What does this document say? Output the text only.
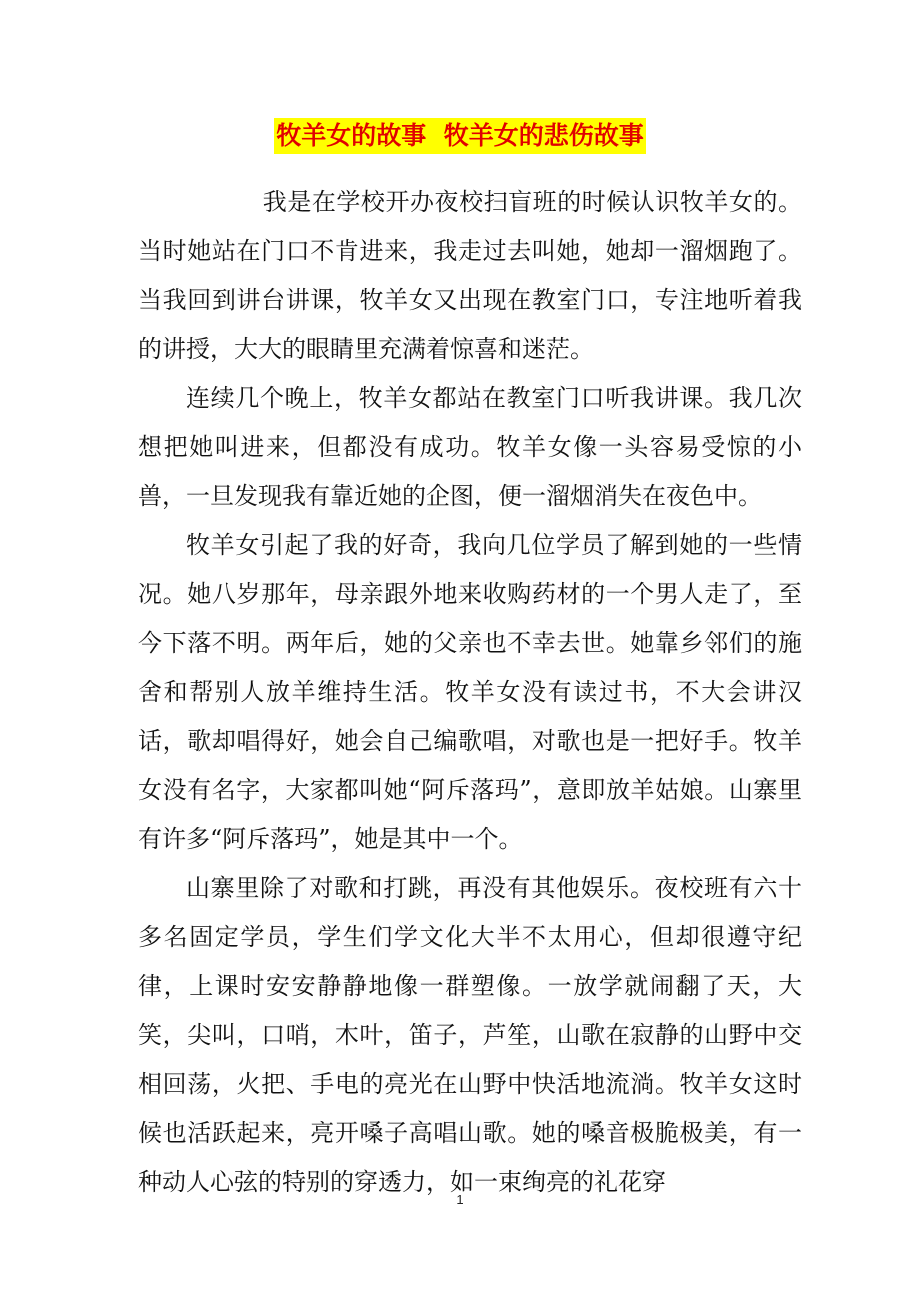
牧羊女的故事  牧羊女的悲伤故事

我是在学校开办夜校扫盲班的时候认识牧羊女的。当时她站在门口不肯进来，我走过去叫她，她却一溜烟跑了。当我回到讲台讲课，牧羊女又出现在教室门口，专注地听着我的讲授，大大的眼睛里充满着惊喜和迷茫。

连续几个晚上，牧羊女都站在教室门口听我讲课。我几次想把她叫进来，但都没有成功。牧羊女像一头容易受惊的小兽，一旦发现我有靠近她的企图，便一溜烟消失在夜色中。

牧羊女引起了我的好奇，我向几位学员了解到她的一些情况。她八岁那年，母亲跟外地来收购药材的一个男人走了，至今下落不明。两年后，她的父亲也不幸去世。她靠乡邻们的施舍和帮别人放羊维持生活。牧羊女没有读过书，不大会讲汉话，歌却唱得好，她会自己编歌唱，对歌也是一把好手。牧羊女没有名字，大家都叫她“阿斥落玛”，意即放羊姑娘。山寨里有许多“阿斥落玛”，她是其中一个。

山寨里除了对歌和打跳，再没有其他娱乐。夜校班有六十多名固定学员，学生们学文化大半不太用心，但却很遵守纪律，上课时安安静静地像一群塑像。一放学就闹翻了天，大笑，尖叫，口哨，木叶，笛子，芦笙，山歌在寂静的山野中交相回荡，火把、手电的亮光在山野中快活地流淌。牧羊女这时候也活跃起来，亮开嗓子高唱山歌。她的嗓音极脆极美，有一种动人心弦的特别的穿透力，如一束绚亮的礼花穿

1
